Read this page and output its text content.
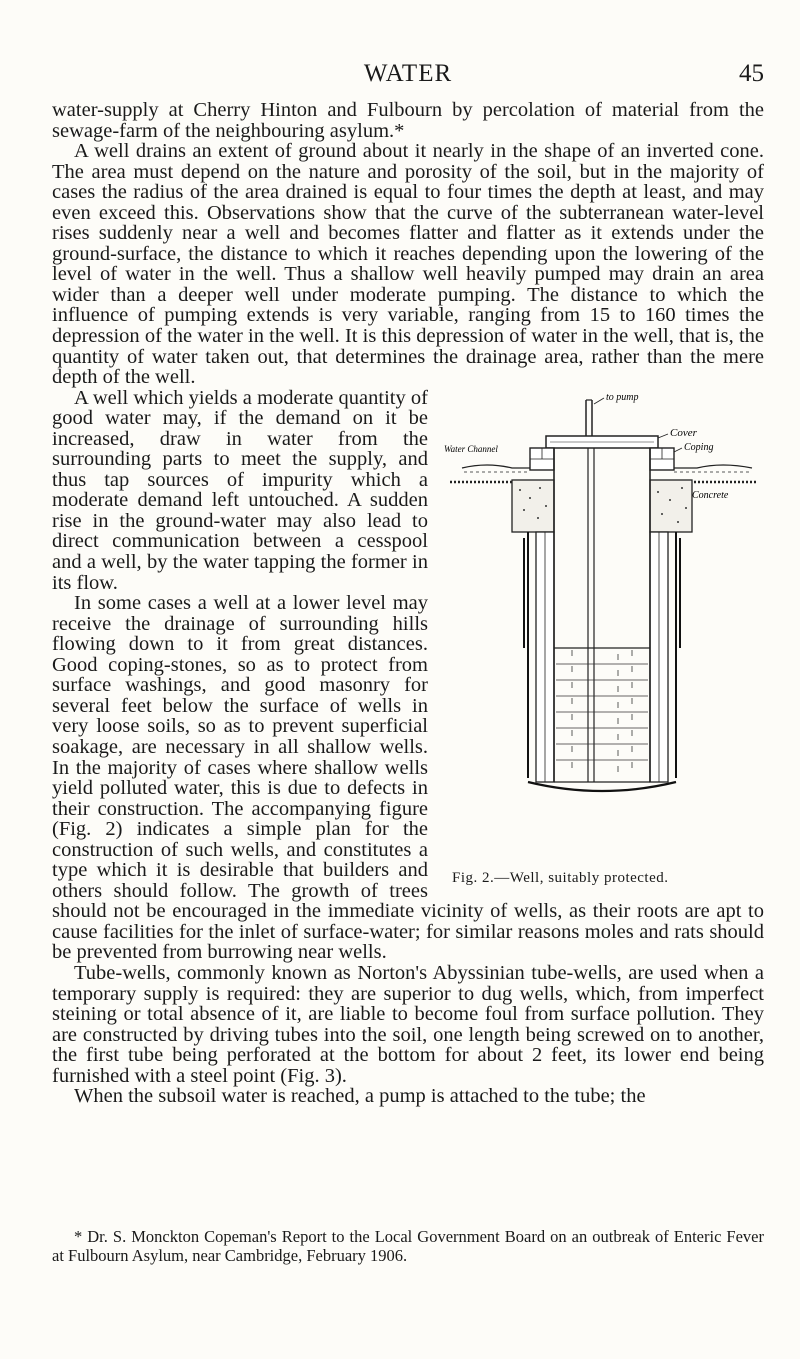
WATER	45

water-supply at Cherry Hinton and Fulbourn by percolation of material from the sewage-farm of the neighbouring asylum.*

A well drains an extent of ground about it nearly in the shape of an inverted cone. The area must depend on the nature and porosity of the soil, but in the majority of cases the radius of the area drained is equal to four times the depth at least, and may even exceed this. Observations show that the curve of the subterranean water-level rises suddenly near a well and becomes flatter and flatter as it extends under the ground-surface, the distance to which it reaches depending upon the lowering of the level of water in the well. Thus a shallow well heavily pumped may drain an area wider than a deeper well under moderate pumping. The distance to which the influence of pumping extends is very variable, ranging from 15 to 160 times the depression of the water in the well. It is this depression of water in the well, that is, the quantity of water taken out, that determines the drainage area, rather than the mere depth of the well.

to pump
Water Channel
Cover
Coping
Concrete
Fig. 2.—Well, suitably protected.

A well which yields a moderate quantity of good water may, if the demand on it be increased, draw in water from the surrounding parts to meet the supply, and thus tap sources of impurity which a moderate demand left untouched. A sudden rise in the ground-water may also lead to direct communication between a cesspool and a well, by the water tapping the former in its flow.

In some cases a well at a lower level may receive the drainage of surrounding hills flowing down to it from great distances. Good coping-stones, so as to protect from surface washings, and good masonry for several feet below the surface of wells in very loose soils, so as to prevent superficial soakage, are necessary in all shallow wells. In the majority of cases where shallow wells yield polluted water, this is due to defects in their construction. The accompanying figure (Fig. 2) indicates a simple plan for the construction of such wells, and constitutes a type which it is desirable that builders and others should follow. The growth of trees should not be encouraged in the immediate vicinity of wells, as their roots are apt to cause facilities for the inlet of surface-water; for similar reasons moles and rats should be prevented from burrowing near wells.

Tube-wells, commonly known as Norton's Abyssinian tube-wells, are used when a temporary supply is required: they are superior to dug wells, which, from imperfect steining or total absence of it, are liable to become foul from surface pollution. They are constructed by driving tubes into the soil, one length being screwed on to another, the first tube being perforated at the bottom for about 2 feet, its lower end being furnished with a steel point (Fig. 3).

When the subsoil water is reached, a pump is attached to the tube; the

* Dr. S. Monckton Copeman's Report to the Local Government Board on an outbreak of Enteric Fever at Fulbourn Asylum, near Cambridge, February 1906.
